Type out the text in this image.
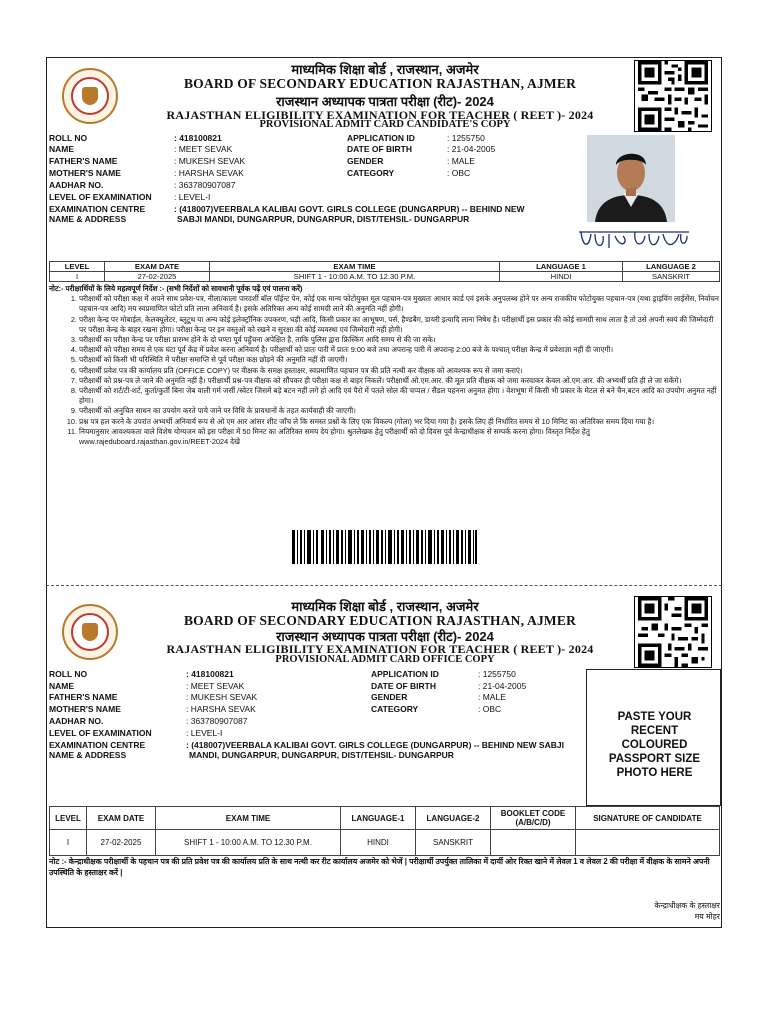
माध्यमिक शिक्षा बोर्ड , राजस्थान, अजमेर
BOARD OF SECONDARY EDUCATION RAJASTHAN, AJMER
राजस्थान अध्यापक पात्रता परीक्षा (रीट)- 2024
RAJASTHAN ELIGIBILITY EXAMINATION FOR TEACHER ( REET )- 2024
PROVISIONAL ADMIT CARD CANDIDATE'S COPY
ROLL NO	: 418100821
NAME	: MEET SEVAK
FATHER'S NAME	: MUKESH SEVAK
MOTHER'S NAME	: HARSHA SEVAK
AADHAR NO.	: 363780907087
LEVEL OF EXAMINATION	: LEVEL-I
EXAMINATION CENTRE
NAME & ADDRESS
: (418007)VEERBALA KALIBAI GOVT. GIRLS COLLEGE (DUNGARPUR) -- BEHIND NEW
SABJI MANDI, DUNGARPUR, DUNGARPUR, DIST/TEHSIL- DUNGARPUR
APPLICATION ID	: 1255750
DATE OF BIRTH	: 21-04-2005
GENDER	: MALE
CATEGORY	: OBC
LEVEL	EXAM DATE	EXAM TIME	LANGUAGE 1	LANGUAGE 2
I	27-02-2025	SHIFT 1 - 10:00 A.M. TO 12.30 P.M.	HINDI	SANSKRIT
नोट:- परीक्षार्थियों के लिये महत्वपूर्ण निर्देश :- (सभी निर्देशों को सावधानी पूर्वक पढ़ें एवं पालना करें)
1. परीक्षार्थी को परीक्षा कक्ष में अपने साथ प्रवेश-पत्र, नीला/काला पारदर्शी बॉल पॉईन्ट पेन, कोई एक मान्य फोटोयुक्त मूल पहचान-पत्र मुख्यतः आधार कार्ड एवं इसके अनुपलब्ध होने पर अन्य राजकीय फोटोयुक्त पहचान-पत्र (यथा ड्राइविंग लाईसेंस, निर्वाचन पहचान-पत्र आदि) मय स्वप्रमाणित फोटो प्रति लाना अनिवार्य है। इसके अतिरिक्त अन्य कोई सामग्री लाने की अनुमति नहीं होगी।
2. परीक्षा केन्द्र पर मोबाईल, केलक्यूलेटर, ब्लूटूथ या अन्य कोई इलेक्ट्रॉनिक उपकरण, घड़ी आदि, किसी प्रकार का आभूषण, पर्स, हैण्डबैग, डायरी इत्यादि लाना निषेध है। परीक्षार्थी इस प्रकार की कोई सामग्री साथ लाता है तो उसे अपनी स्वयं की जिम्मेदारी पर परीक्षा केन्द्र के बाहर रखना होगा। परीक्षा केन्द्र पर इन वस्तुओं को रखने व सुरक्षा की कोई व्यवस्था एवं जिम्मेदारी नहीं होगी।
3. परीक्षार्थी का परीक्षा केन्द्र पर परीक्षा प्रारम्भ होने के दो घण्टा पूर्व पहुँचना अपेक्षित है, ताकि पुलिस द्वारा फ्रिस्किंग आदि समय से की जा सके।
4. परीक्षार्थी को परीक्षा समय से एक घंटा पूर्व केंद्र में प्रवेश करना अनिवार्य है। परीक्षार्थी को प्रातः पारी में प्रातः 9:00 बजे तथा अपरान्ह पारी में अपरान्ह 2:00 बजे के पश्चात् परीक्षा केन्द्र में प्रवेशाज्ञा नहीं दी जाएगी।
5. परीक्षार्थी को किसी भी परिस्थिति में परीक्षा समाप्ति से पूर्व परीक्षा कक्ष छोड़ने की अनुमति नहीं दी जाएगी।
6. परीक्षार्थी प्रवेश पत्र की कार्यालय प्रति (OFFICE COPY) पर वीक्षक के समक्ष हस्ताक्षर, स्वप्रमाणित पहचान पत्र की प्रति नत्थी कर वीक्षक को आवश्यक रूप से जमा कराएं।
7. परीक्षार्थी को प्रश्न-पत्र ले जाने की अनुमति नहीं है। परीक्षार्थी प्रश्न-पत्र वीक्षक को सौंपकर ही परीक्षा कक्ष से बाहर निकलें। परीक्षार्थी ओ.एम.आर. की मूल प्रति वीक्षक को जमा करवाकर केवल ओ.एम.आर. की अभ्यर्थी प्रति ही ले जा सकेंगे।
8. परीक्षार्थी को शर्ट/टी-शर्ट, कुर्ता/कुर्ती बिना जेब वाली गर्म जर्सी /स्वेटर जिसमें बड़े बटन नहीं लगे हो आदि एवं पैरो में पतले सोल की चप्पल / सैंडल पहनना अनुमत होगा । वेशभूषा में किसी भी प्रकार के मेटल से बने चैन,बटन आदि का उपयोग अनुमत नहीं होगा।
9. परीक्षार्थी को अनुचित साधन का उपयोग करते पाये जाने पर विधि के प्रावधानों के तहत कार्यवाही की जाएगी।
10. प्रश्न पत्र हल करने के उपरांत अभ्यर्थी अनिवार्य रूप से ओ एम आर आंसर शीट जाँच ले कि समस्त प्रश्नों के लिए एक विकल्प (गोला) भर दिया गया है। इसके लिए ही निर्धारित समय से 10 मिनिट का अतिरिक्त समय दिया गया है।
11. नियमानुसार आवश्यकता वाले विशेष योग्यजन को इस परीक्षा में 50 मिनट का अतिरिक्त समय देय होगा। श्रुतलेखक हेतु परीक्षार्थी को दो दिवस पूर्व केन्द्राधीक्षक से सम्पर्क करना होगा। विस्तृत निर्देश हेतु www.rajeduboard.rajasthan.gov.in/REET-2024 देखे
माध्यमिक शिक्षा बोर्ड , राजस्थान, अजमेर
BOARD OF SECONDARY EDUCATION RAJASTHAN, AJMER
राजस्थान अध्यापक पात्रता परीक्षा (रीट)- 2024
RAJASTHAN ELIGIBILITY EXAMINATION FOR TEACHER ( REET )- 2024
PROVISIONAL ADMIT CARD OFFICE COPY
ROLL NO	: 418100821
NAME	: MEET SEVAK
FATHER'S NAME	: MUKESH SEVAK
MOTHER'S NAME	: HARSHA SEVAK
AADHAR NO.	: 363780907087
LEVEL OF EXAMINATION	: LEVEL-I
EXAMINATION CENTRE
NAME & ADDRESS
: (418007)VEERBALA KALIBAI GOVT. GIRLS COLLEGE (DUNGARPUR) -- BEHIND NEW SABJI
MANDI, DUNGARPUR, DUNGARPUR, DIST/TEHSIL- DUNGARPUR
APPLICATION ID	: 1255750
DATE OF BIRTH	: 21-04-2005
GENDER	: MALE
CATEGORY	: OBC
PASTE YOUR RECENT COLOURED PASSPORT SIZE PHOTO HERE
LEVEL	EXAM DATE	EXAM TIME	LANGUAGE-1	LANGUAGE-2	BOOKLET CODE (A/B/C/D)	SIGNATURE OF CANDIDATE
I	27-02-2025	SHIFT 1 - 10:00 A.M. TO 12.30 P.M.	HINDI	SANSKRIT		
नोट :- केन्द्राधीक्षक परीक्षार्थी के पहचान पत्र की प्रति प्रवेश पत्र की कार्यालय प्रति के साथ नत्थी कर रीट कार्यालय अजमेर को भेजें | परीक्षार्थी उपर्युक्त तालिका में दायीं ओर रिक्त खाने में लेवल 1 व लेवल 2 की परीक्षा में वीक्षक के सामने अपनी उपस्थिति के हस्ताक्षर करें |
केन्द्राधीक्षक के हस्ताक्षर
मय मोहर
